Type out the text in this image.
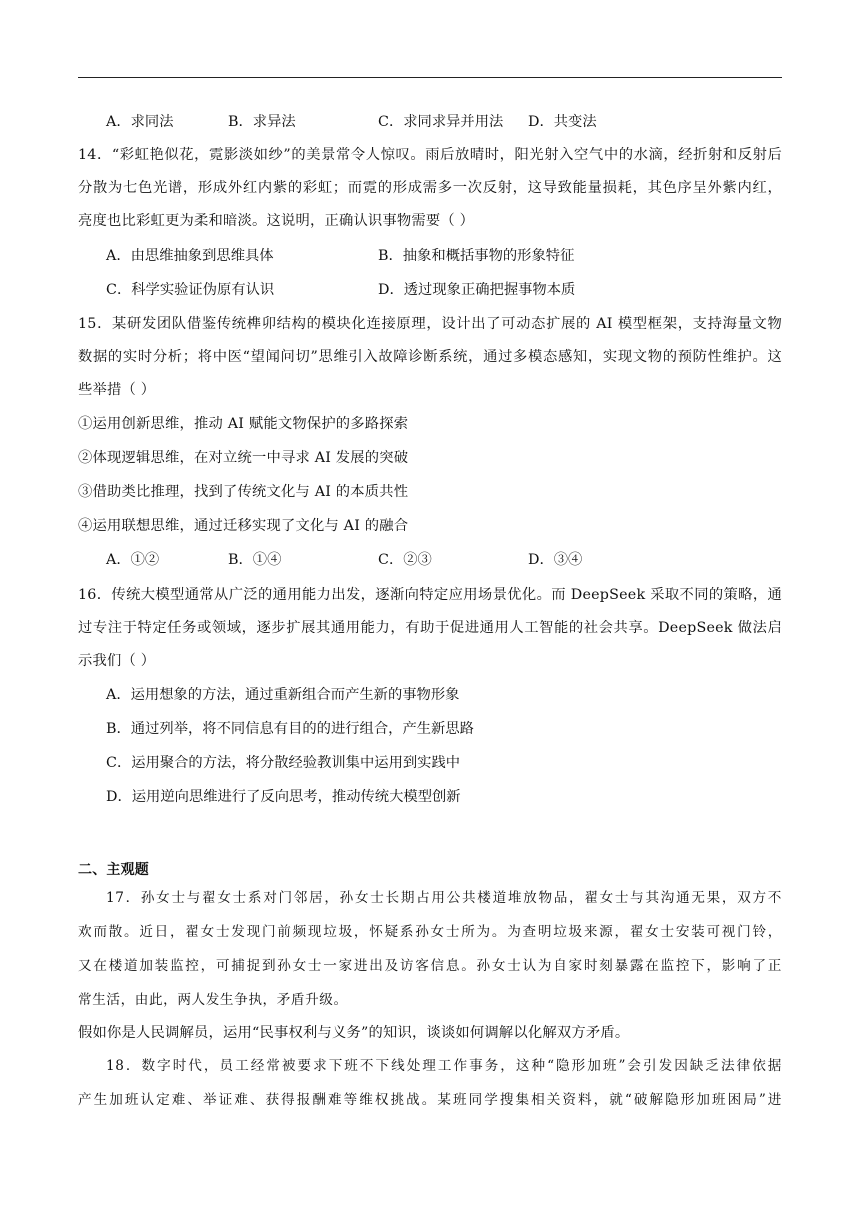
A．求同法	B．求异法	C．求同求异并用法 D．共变法
14．“彩虹艳似花，霓影淡如纱”的美景常令人惊叹。雨后放晴时，阳光射入空气中的水滴，经折射和反射后
分散为七色光谱，形成外红内紫的彩虹；而霓的形成需多一次反射，这导致能量损耗，其色序呈外紫内红，
亮度也比彩虹更为柔和暗淡。这说明，正确认识事物需要（ ）
A．由思维抽象到思维具体	B．抽象和概括事物的形象特征
C．科学实验证伪原有认识	D．透过现象正确把握事物本质
15．某研发团队借鉴传统榫卯结构的模块化连接原理，设计出了可动态扩展的 AI 模型框架，支持海量文物
数据的实时分析；将中医“望闻问切”思维引入故障诊断系统，通过多模态感知，实现文物的预防性维护。这
些举措（ ）
①运用创新思维，推动 AI 赋能文物保护的多路探索
②体现逻辑思维，在对立统一中寻求 AI 发展的突破
③借助类比推理，找到了传统文化与 AI 的本质共性
④运用联想思维，通过迁移实现了文化与 AI 的融合
A．①②	B．①④	C．②③	D．③④
16．传统大模型通常从广泛的通用能力出发，逐渐向特定应用场景优化。而 DeepSeek 采取不同的策略，通
过专注于特定任务或领域，逐步扩展其通用能力，有助于促进通用人工智能的社会共享。DeepSeek 做法启
示我们（ ）
A．运用想象的方法，通过重新组合而产生新的事物形象
B．通过列举，将不同信息有目的的进行组合，产生新思路
C．运用聚合的方法，将分散经验教训集中运用到实践中
D．运用逆向思维进行了反向思考，推动传统大模型创新
二、主观题
17．孙女士与翟女士系对门邻居，孙女士长期占用公共楼道堆放物品，翟女士与其沟通无果，双方不
欢而散。近日，翟女士发现门前频现垃圾，怀疑系孙女士所为。为查明垃圾来源，翟女士安装可视门铃，
又在楼道加装监控，可捕捉到孙女士一家进出及访客信息。孙女士认为自家时刻暴露在监控下，影响了正
常生活，由此，两人发生争执，矛盾升级。
假如你是人民调解员，运用“民事权利与义务”的知识，谈谈如何调解以化解双方矛盾。
18．数字时代，员工经常被要求下班不下线处理工作事务，这种“隐形加班”会引发因缺乏法律依据
产生加班认定难、举证难、获得报酬难等维权挑战。某班同学搜集相关资料，就“破解隐形加班困局”进
